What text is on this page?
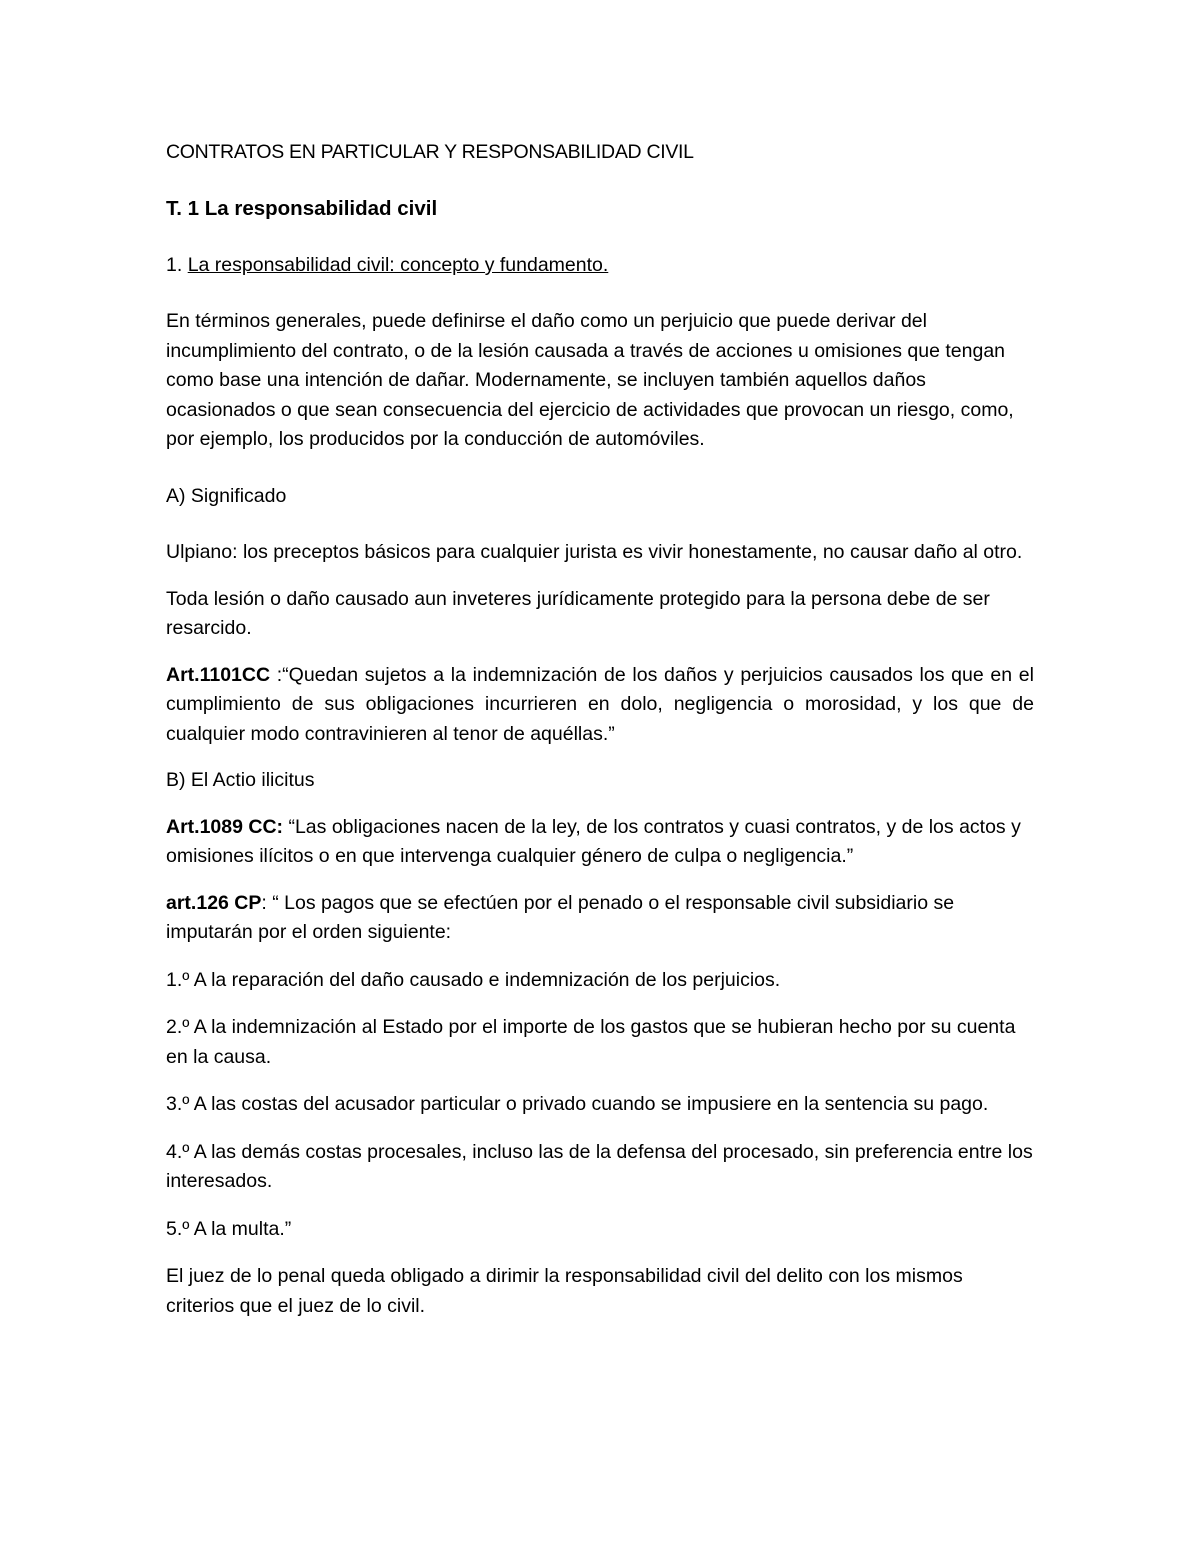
CONTRATOS EN PARTICULAR Y RESPONSABILIDAD CIVIL

T. 1 La responsabilidad civil

1. La responsabilidad civil: concepto y fundamento.

En términos generales, puede definirse el daño como un perjuicio que puede derivar del incumplimiento del contrato, o de la lesión causada a través de acciones u omisiones que tengan como base una intención de dañar. Modernamente, se incluyen también aquellos daños ocasionados o que sean consecuencia del ejercicio de actividades que provocan un riesgo, como, por ejemplo, los producidos por la conducción de automóviles.

A) Significado

Ulpiano: los preceptos básicos para cualquier jurista es vivir honestamente, no causar daño al otro.

Toda lesión o daño causado aun inveteres jurídicamente protegido para la persona debe de ser resarcido.

Art.1101CC :“Quedan sujetos a la indemnización de los daños y perjuicios causados los que en el cumplimiento de sus obligaciones incurrieren en dolo, negligencia o morosidad, y los que de cualquier modo contravinieren al tenor de aquéllas.”

B) El Actio ilicitus

Art.1089 CC: “Las obligaciones nacen de la ley, de los contratos y cuasi contratos, y de los actos y omisiones ilícitos o en que intervenga cualquier género de culpa o negligencia.”

art.126 CP: “ Los pagos que se efectúen por el penado o el responsable civil subsidiario se imputarán por el orden siguiente:

1.º A la reparación del daño causado e indemnización de los perjuicios.

2.º A la indemnización al Estado por el importe de los gastos que se hubieran hecho por su cuenta en la causa.

3.º A las costas del acusador particular o privado cuando se impusiere en la sentencia su pago.

4.º A las demás costas procesales, incluso las de la defensa del procesado, sin preferencia entre los interesados.

5.º A la multa.”

El juez de lo penal queda obligado a dirimir la responsabilidad civil del delito con los mismos criterios que el juez de lo civil.
